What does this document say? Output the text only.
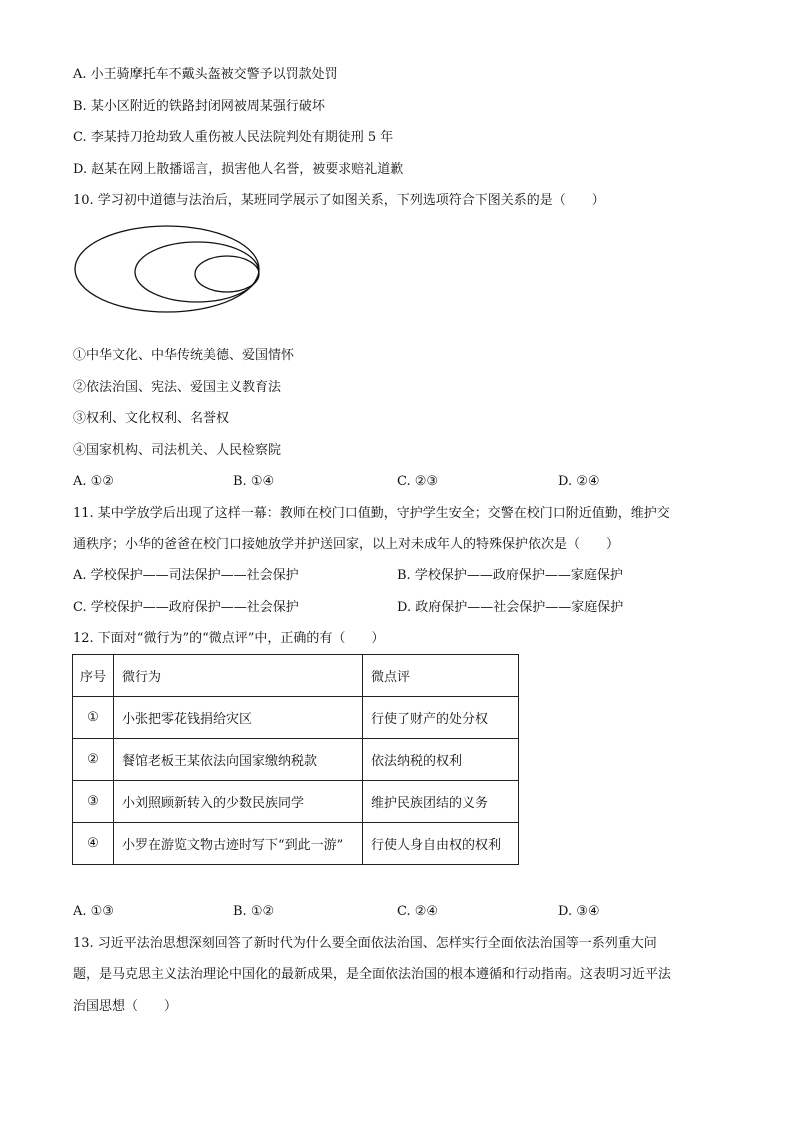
A. 小王骑摩托车不戴头盔被交警予以罚款处罚
B. 某小区附近的铁路封闭网被周某强行破坏
C. 李某持刀抢劫致人重伤被人民法院判处有期徒刑 5 年
D. 赵某在网上散播谣言，损害他人名誉，被要求赔礼道歉
10. 学习初中道德与法治后，某班同学展示了如图关系，下列选项符合下图关系的是（　　）
①中华文化、中华传统美德、爱国情怀
②依法治国、宪法、爱国主义教育法
③权利、文化权利、名誉权
④国家机构、司法机关、人民检察院
A. ①②	B. ①④	C. ②③	D. ②④
11. 某中学放学后出现了这样一幕：教师在校门口值勤，守护学生安全；交警在校门口附近值勤，维护交
通秩序；小华的爸爸在校门口接她放学并护送回家，以上对未成年人的特殊保护依次是（　　）
A. 学校保护——司法保护——社会保护	B. 学校保护——政府保护——家庭保护
C. 学校保护——政府保护——社会保护	D. 政府保护——社会保护——家庭保护
12. 下面对“微行为”的“微点评”中，正确的有（　　）
序号	微行为	微点评
①	小张把零花钱捐给灾区	行使了财产的处分权
②	餐馆老板王某依法向国家缴纳税款	依法纳税的权利
③	小刘照顾新转入的少数民族同学	维护民族团结的义务
④	小罗在游览文物古迹时写下“到此一游”	行使人身自由权的权利
A. ①③	B. ①②	C. ②④	D. ③④
13. 习近平法治思想深刻回答了新时代为什么要全面依法治国、怎样实行全面依法治国等一系列重大问
题，是马克思主义法治理论中国化的最新成果，是全面依法治国的根本遵循和行动指南。这表明习近平法
治国思想（　　）
